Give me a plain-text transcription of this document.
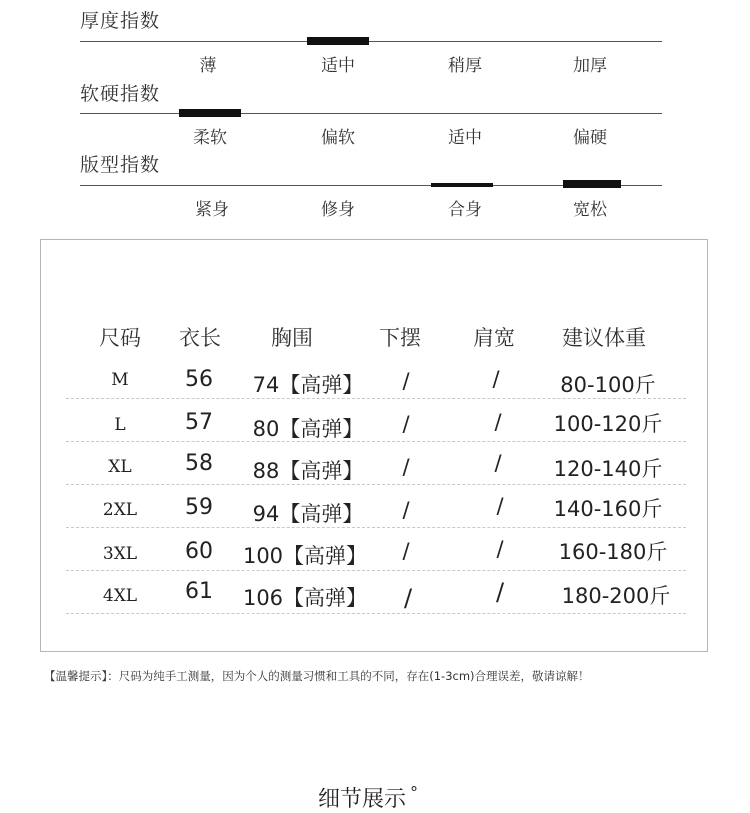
厚度指数
薄	适中	稍厚	加厚
软硬指数
柔软	偏软	适中	偏硬
版型指数
紧身	修身	合身	宽松
尺码	衣长	胸围	下摆	肩宽	建议体重
M	56	74【高弹】	/	/	80-100斤
L	57	80【高弹】	/	/	100-120斤
XL	58	88【高弹】	/	/	120-140斤
2XL	59	94【高弹】	/	/	140-160斤
3XL	60	100【高弹】	/	/	160-180斤
4XL	61	106【高弹】	/	/	180-200斤
【温馨提示】：尺码为纯手工测量，因为个人的测量习惯和工具的不同，存在(1-3cm)合理误差，敬请谅解！
细节展示 °
